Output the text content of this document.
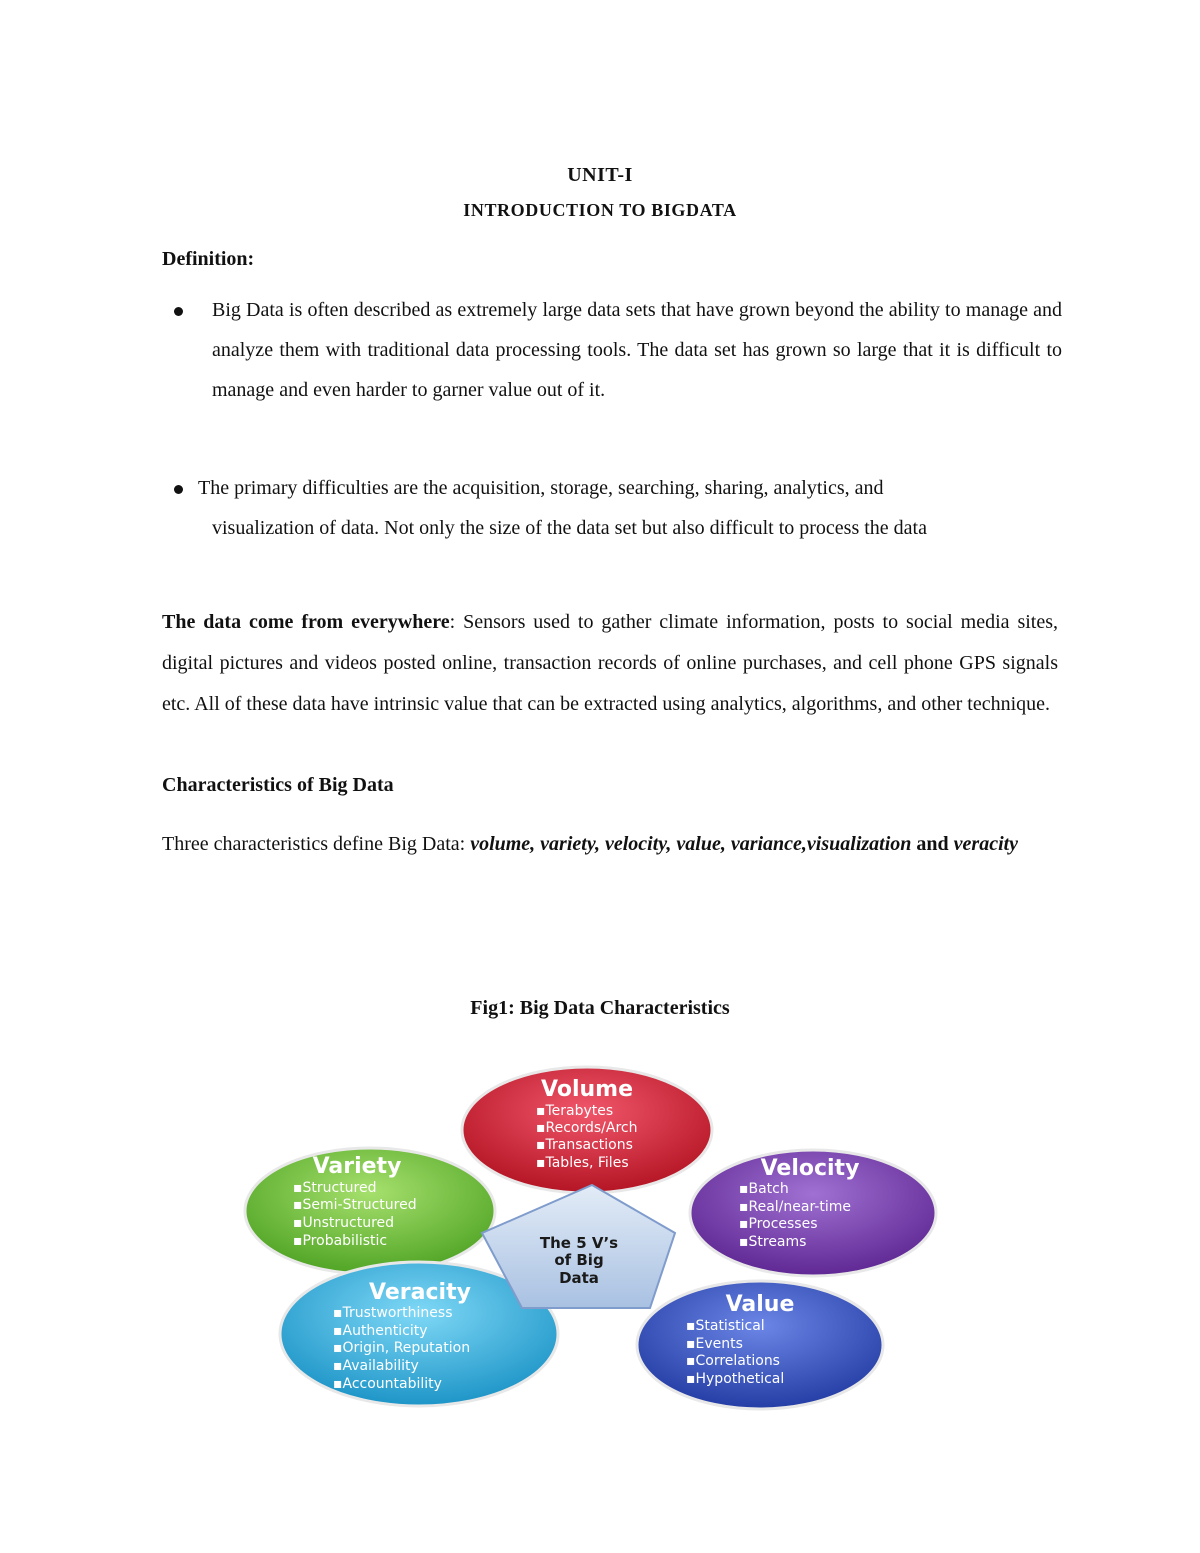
UNIT-I
INTRODUCTION TO BIGDATA
Definition:
Big Data is often described as extremely large data sets that have grown beyond the ability to manage and analyze them with traditional data processing tools. The data set has grown so large that it is difficult to manage and even harder to garner value out of it.
The primary difficulties are the acquisition, storage, searching, sharing, analytics, and
visualization of data. Not only the size of the data set but also difficult to process the data
The data come from everywhere: Sensors used to gather climate information, posts to social media sites, digital pictures and videos posted online, transaction records of online purchases, and cell phone GPS signals etc. All of these data have intrinsic value that can be extracted using analytics, algorithms, and other technique.
Characteristics of Big Data
Three characteristics define Big Data: volume, variety, velocity, value, variance,visualization and veracity
Fig1: Big Data Characteristics
Volume
▪Terabytes
▪Records/Arch
▪Transactions
▪Tables, Files
Variety
▪Structured
▪Semi-Structured
▪Unstructured
▪Probabilistic
Velocity
▪Batch
▪Real/near-time
▪Processes
▪Streams
Veracity
▪Trustworthiness
▪Authenticity
▪Origin, Reputation
▪Availability
▪Accountability
Value
▪Statistical
▪Events
▪Correlations
▪Hypothetical
The 5 V’s
of Big
Data
